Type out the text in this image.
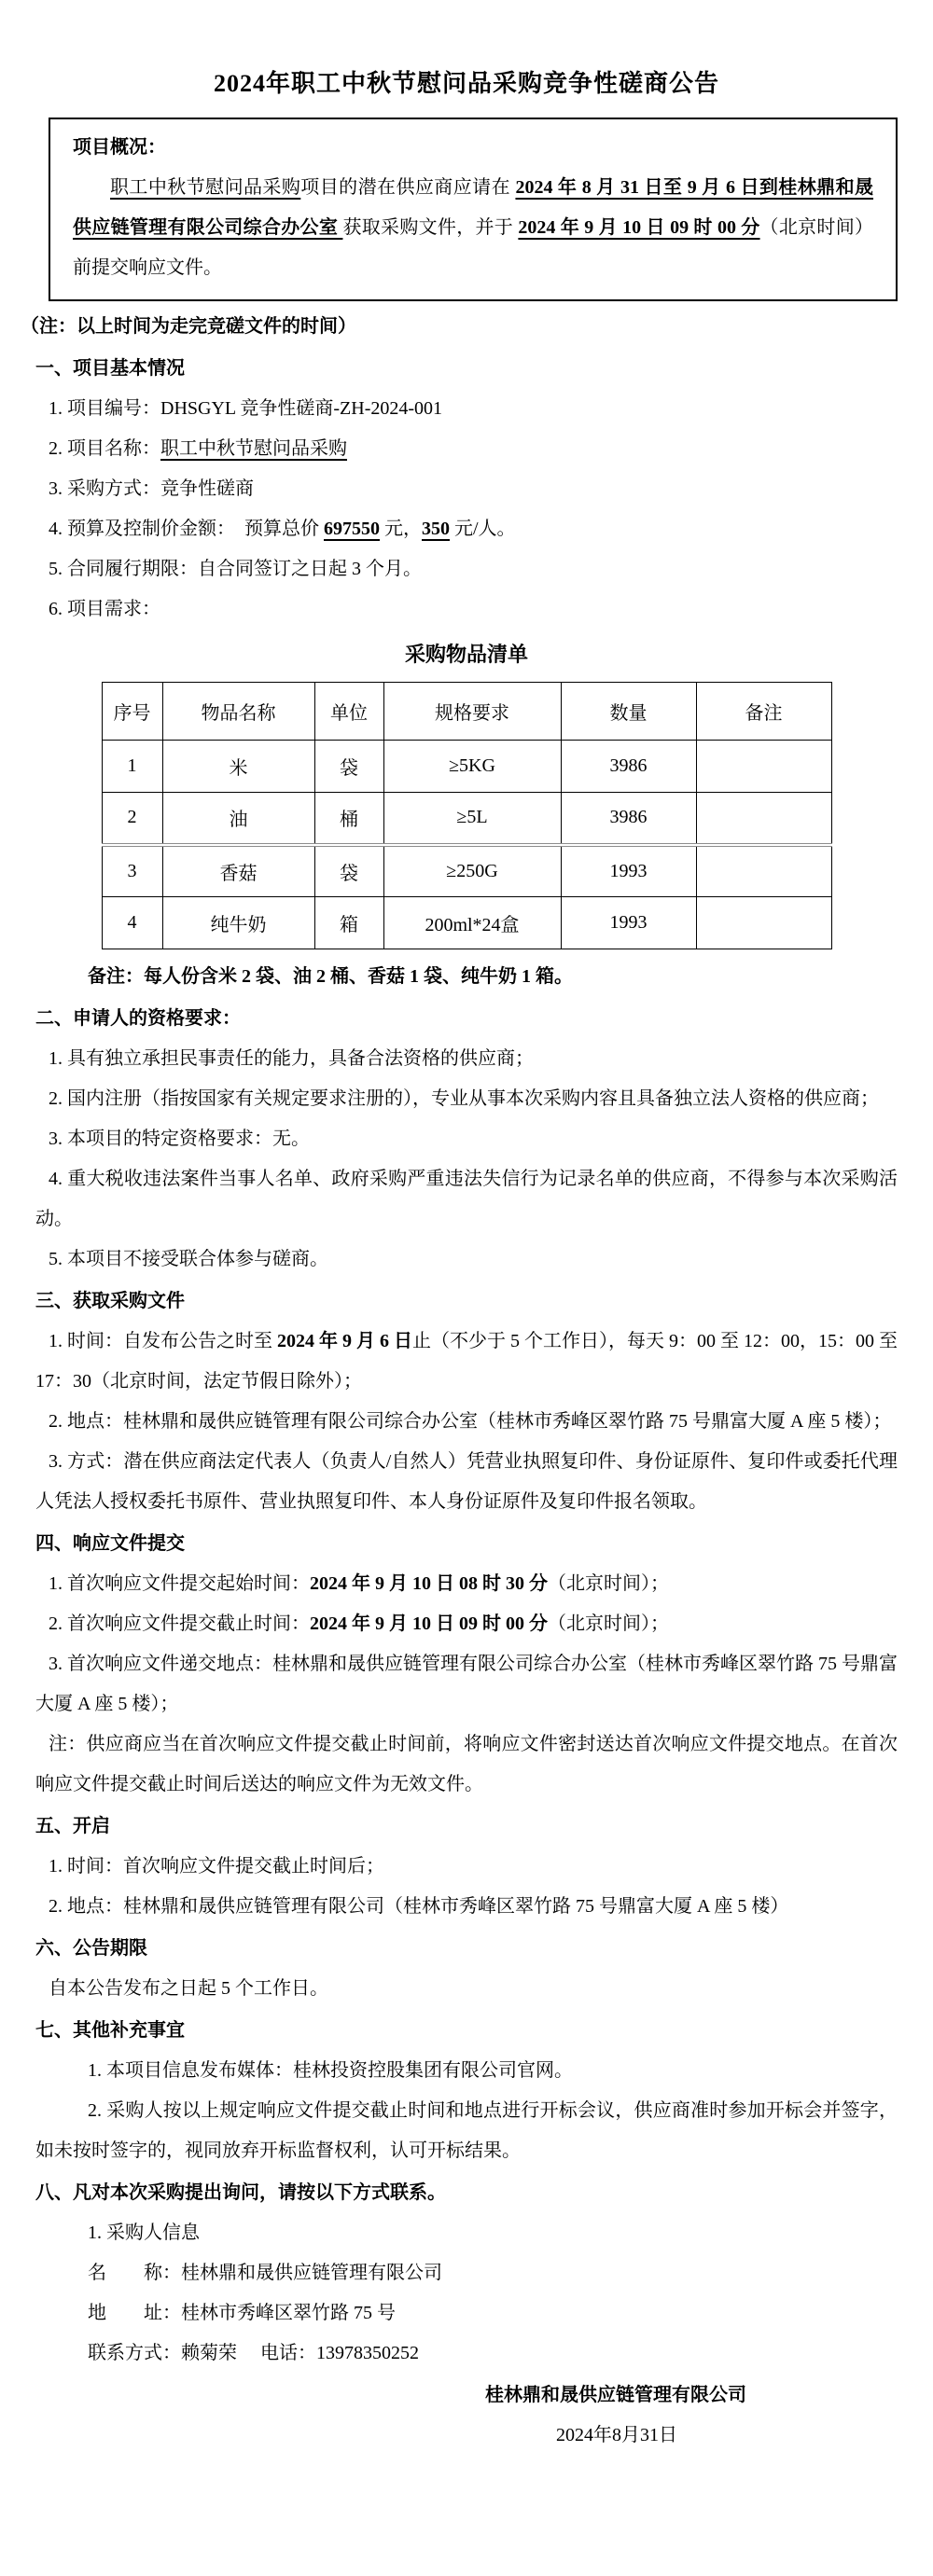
2024年职工中秋节慰问品采购竞争性磋商公告
项目概况：
职工中秋节慰问品采购项目的潜在供应商应请在 2024 年 8 月 31 日至 9 月 6 日到桂林鼎和晟供应链管理有限公司综合办公室 获取采购文件，并于 2024 年 9 月 10 日 09 时 00 分（北京时间）前提交响应文件。
（注：以上时间为走完竞磋文件的时间）
一、项目基本情况
1. 项目编号：DHSGYL 竞争性磋商-ZH-2024-001
2. 项目名称：职工中秋节慰问品采购
3. 采购方式：竞争性磋商
4. 预算及控制价金额：　预算总价 697550 元，350 元/人。
5. 合同履行期限：自合同签订之日起 3 个月。
6. 项目需求：
采购物品清单
序号	物品名称	单位	规格要求	数量	备注
1	米	袋	≥5KG	3986	
2	油	桶	≥5L	3986	
3	香菇	袋	≥250G	1993	
4	纯牛奶	箱	200ml*24盒	1993	
备注：每人份含米 2 袋、油 2 桶、香菇 1 袋、纯牛奶 1 箱。
二、申请人的资格要求：
1. 具有独立承担民事责任的能力，具备合法资格的供应商；
2. 国内注册（指按国家有关规定要求注册的），专业从事本次采购内容且具备独立法人资格的供应商；
3. 本项目的特定资格要求：无。
4. 重大税收违法案件当事人名单、政府采购严重违法失信行为记录名单的供应商，不得参与本次采购活动。
5. 本项目不接受联合体参与磋商。
三、获取采购文件
1. 时间：自发布公告之时至 2024 年 9 月 6 日止（不少于 5 个工作日），每天 9：00 至 12：00，15：00 至 17：30（北京时间，法定节假日除外）；
2. 地点：桂林鼎和晟供应链管理有限公司综合办公室（桂林市秀峰区翠竹路 75 号鼎富大厦 A 座 5 楼）；
3. 方式：潜在供应商法定代表人（负责人/自然人）凭营业执照复印件、身份证原件、复印件或委托代理人凭法人授权委托书原件、营业执照复印件、本人身份证原件及复印件报名领取。
四、响应文件提交
1. 首次响应文件提交起始时间：2024 年 9 月 10 日 08 时 30 分（北京时间）；
2. 首次响应文件提交截止时间：2024 年 9 月 10 日 09 时 00 分（北京时间）；
3. 首次响应文件递交地点：桂林鼎和晟供应链管理有限公司综合办公室（桂林市秀峰区翠竹路 75 号鼎富大厦 A 座 5 楼）；
注：供应商应当在首次响应文件提交截止时间前，将响应文件密封送达首次响应文件提交地点。在首次响应文件提交截止时间后送达的响应文件为无效文件。
五、开启
1. 时间：首次响应文件提交截止时间后；
2. 地点：桂林鼎和晟供应链管理有限公司（桂林市秀峰区翠竹路 75 号鼎富大厦 A 座 5 楼）
六、公告期限
自本公告发布之日起 5 个工作日。
七、其他补充事宜
1. 本项目信息发布媒体：桂林投资控股集团有限公司官网。
2. 采购人按以上规定响应文件提交截止时间和地点进行开标会议，供应商准时参加开标会并签字，如未按时签字的，视同放弃开标监督权利，认可开标结果。
八、凡对本次采购提出询问，请按以下方式联系。
1. 采购人信息
名　　称：桂林鼎和晟供应链管理有限公司
地　　址：桂林市秀峰区翠竹路 75 号
联系方式：赖菊荣　 电话：13978350252
桂林鼎和晟供应链管理有限公司
2024年8月31日
